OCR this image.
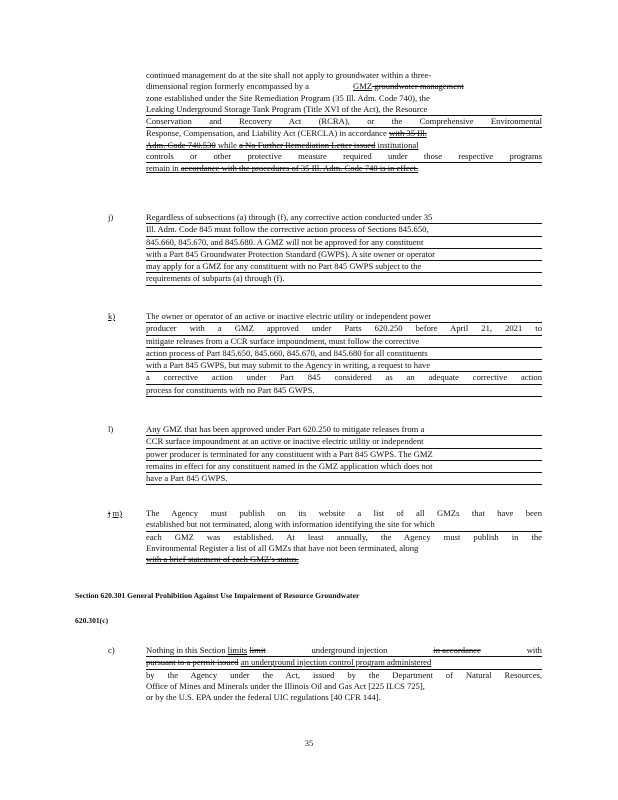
continued management do at the site shall not apply to groundwater within a three-
dimensional region formerly encompassed by a	GMZ groundwater management
zone established under the Site Remediation Program (35 Ill. Adm. Code 740), the
Leaking Underground Storage Tank Program (Title XVI of the Act), the Resource
Conservation and Recovery Act (RCRA), or the Comprehensive Environmental
Response, Compensation, and Liability Act (CERCLA) in accordance with 35 Ill.
Adm. Code 740.530 while a No Further Remediation Letter issued institutional
controls or other protective measure required under those respective programs
remain in accordance with the procedures of 35 Ill. Adm. Code 740 is in effect.
j)	Regardless of subsections (a) through (f), any corrective action conducted under 35
Ill. Adm. Code 845 must follow the corrective action process of Sections 845.650,
845.660, 845.670, and 845.680. A GMZ will not be approved for any constituent
with a Part 845 Groundwater Protection Standard (GWPS). A site owner or operator
may apply for a GMZ for any constituent with no Part 845 GWPS subject to the
requirements of subparts (a) through (f).
k)	The owner or operator of an active or inactive electric utility or independent power
producer with a GMZ approved under Parts 620.250 before April 21, 2021 to
mitigate releases from a CCR surface impoundment, must follow the corrective
action process of Part 845.650, 845.660, 845.670, and 845.680 for all constituents
with a Part 845 GWPS, but may submit to the Agency in writing, a request to have
a corrective action under Part 845 considered as an adequate corrective action
process for constituents with no Part 845 GWPS.
l)	Any GMZ that has been approved under Part 620.250 to mitigate releases from a
CCR surface impoundment at an active or inactive electric utility or independent
power producer is terminated for any constituent with a Part 845 GWPS. The GMZ
remains in effect for any constituent named in the GMZ application which does not
have a Part 845 GWPS.
j m)	The Agency must publish on its website a list of all GMZs that have been
established but not terminated, along with information identifying the site for which
each GMZ was established. At least annually, the Agency must publish in the
Environmental Register a list of all GMZs that have not been terminated, along
with a brief statement of each GMZ’s status.
Section 620.301 General Prohibition Against Use Impairment of Resource Groundwater
620.301(c)
c)	Nothing in this Section limits limit	underground injection	in accordance	with
pursuant to a permit issued an underground injection control program administered
by the Agency under the Act, issued by the Department of Natural Resources,
Office of Mines and Minerals under the Illinois Oil and Gas Act [225 ILCS 725],
or by the U.S. EPA under the federal UIC regulations [40 CFR 144].
35
